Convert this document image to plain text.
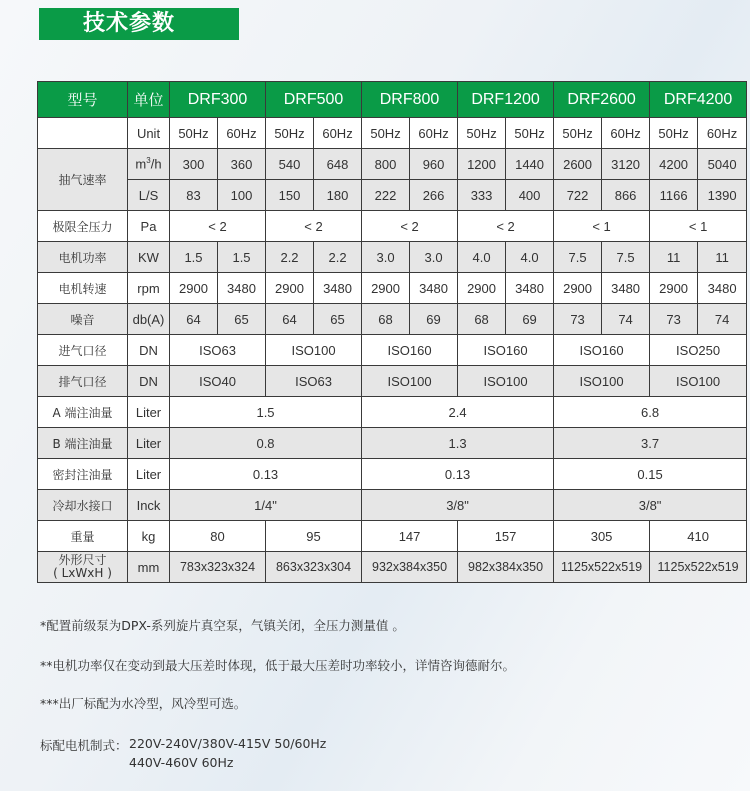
技术参数
型号	单位	DRF300		DRF500		DRF800		DRF1200		DRF2600		DRF4200	
	Unit	50Hz	60Hz	50Hz	60Hz	50Hz	60Hz	50Hz	50Hz	50Hz	60Hz	50Hz	60Hz
抽气速率	$m^3/h$	300	360	540	648	800	960	1200	1440	2600	3120	4200	5040
	L/S	83	100	150	180	222	266	333	400	722	866	1166	1390
极限全压力	Pa	< 2		< 2		< 2		< 2		< 1		< 1	
电机功率	KW	1.5	1.5	2.2	2.2	3.0	3.0	4.0	4.0	7.5	7.5	11	11
电机转速	rpm	2900	3480	2900	3480	2900	3480	2900	3480	2900	3480	2900	3480
噪音	db(A)	64	65	64	65	68	69	68	69	73	74	73	74
进气口径	DN	ISO63		ISO100		ISO160		ISO160		ISO160		ISO250	
排气口径	DN	ISO40		ISO63		ISO100		ISO100		ISO100		ISO100	
A 端注油量	Liter	1.5				2.4				6.8			
B 端注油量	Liter	0.8				1.3				3.7			
密封注油量	Liter	0.13				0.13				0.15			
冷却水接口	Inck	1/4"				3/8"				3/8"			
重量	kg	80		95		147		157		305		410	

外形尺寸
( LxWxH )	mm	783x323x324		863x323x304		932x384x350		982x384x350		1125x522x519		1125x522x519	
*配置前级泵为DPX-系列旋片真空泵，气镇关闭，全压力测量值 。
**电机功率仅在变动到最大压差时体现，低于最大压差时功率较小，详情咨询德耐尔。
***出厂标配为水冷型，风冷型可选。
标配电机制式： 220V-240V/380V-415V 50/60Hz
440V-460V 60Hz
